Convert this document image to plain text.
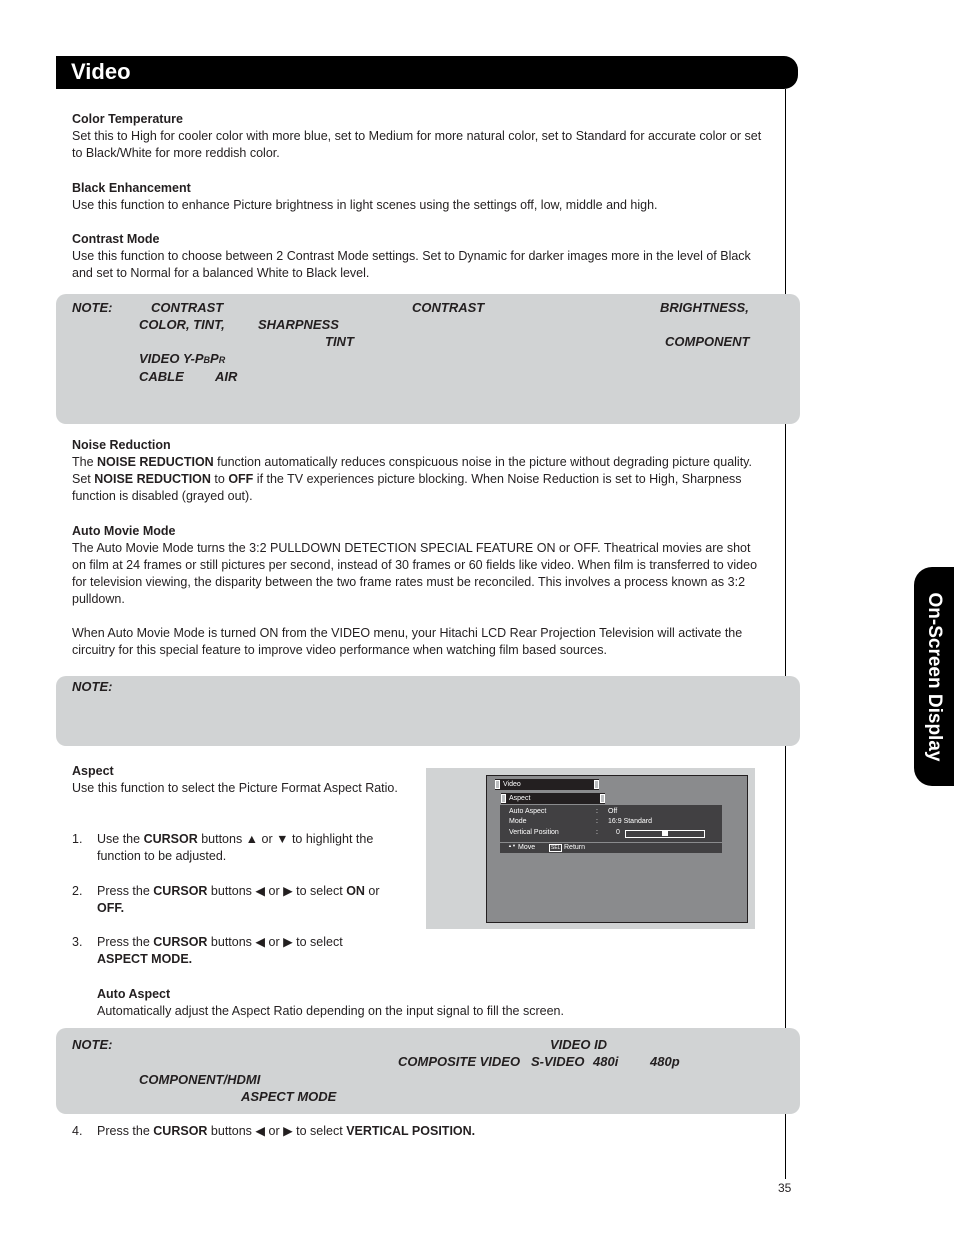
Video
On-Screen Display
Color Temperature

Set this to High for cooler color with more blue, set to Medium for more natural color, set to Standard for accurate color or set to Black/White for more reddish color.

Black Enhancement

Use this function to enhance Picture brightness in light scenes using the settings off, low, middle and high.

Contrast Mode

Use this function to choose between 2 Contrast Mode settings. Set to Dynamic for darker images more in the level of Black and set to Normal for a balanced White to Black level.

NOTE:	CONTRAST	CONTRAST	BRIGHTNESS,
COLOR, TINT,	SHARPNESS
TINT	COMPONENT
VIDEO Y-PBPR
CABLE AIR
Noise Reduction

The NOISE REDUCTION function automatically reduces conspicuous noise in the picture without degrading picture quality. Set NOISE REDUCTION to OFF if the TV experiences picture blocking. When Noise Reduction is set to High, Sharpness function is disabled (grayed out).

Auto Movie Mode

The Auto Movie Mode turns the 3:2 PULLDOWN DETECTION SPECIAL FEATURE ON or OFF. Theatrical movies are shot on film at 24 frames or still pictures per second, instead of 30 frames or 60 fields like video. When film is transferred to video for television viewing, the disparity between the two frame rates must be reconciled. This involves a process known as 3:2 pulldown.

When Auto Movie Mode is turned ON from the VIDEO menu, your Hitachi LCD Rear Projection Television will activate the circuitry for this special feature to improve video performance when watching film based sources.

NOTE:
Aspect

Use this function to select the Picture Format Aspect Ratio.

1. Use the CURSOR buttons ▲ or ▼ to highlight the function to be adjusted.
2. Press the CURSOR buttons ◀ or ▶ to select ON or OFF.
3. Press the CURSOR buttons ◀ or ▶ to select
ASPECT MODE.
Auto Aspect
Automatically adjust the Aspect Ratio depending on the input signal to fill the screen.
NOTE:	VIDEO ID
COMPOSITE VIDEO S-VIDEO 480i 480p
COMPONENT/HDMI
ASPECT MODE
4. Press the CURSOR buttons ◀ or ▶ to select VERTICAL POSITION.
Video
Aspect
Auto Aspect	: Off
Mode	: 16:9 Standard
Vertical Position	:	0
▲▼ Move	SEL Return
35
